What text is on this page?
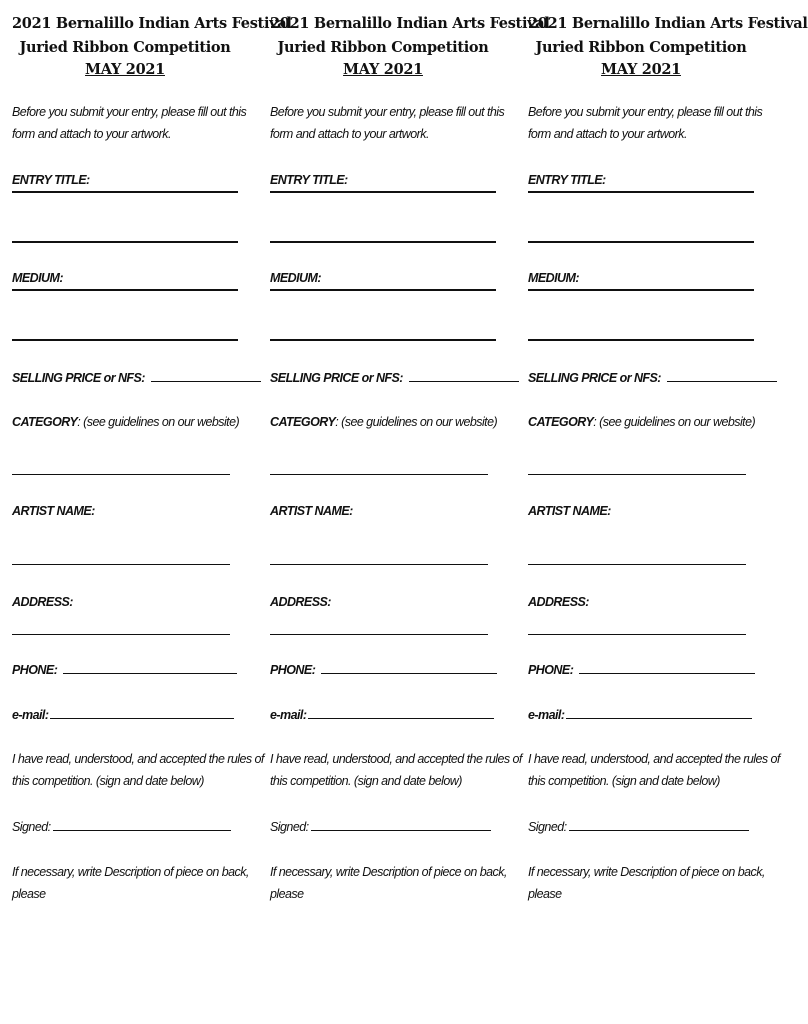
2021 Bernalillo Indian Arts Festival
Juried Ribbon Competition
MAY 2021
Before you submit your entry, please fill out this
form and attach to your artwork.
ENTRY TITLE:
MEDIUM:
SELLING PRICE or NFS:
CATEGORY: (see guidelines on our website)
ARTIST NAME:
ADDRESS:
PHONE:
e-mail:
I have read, understood, and accepted the rules of
this competition. (sign and date below)
Signed:
If necessary, write Description of piece on back,
please
2021 Bernalillo Indian Arts Festival
Juried Ribbon Competition
MAY 2021
Before you submit your entry, please fill out this
form and attach to your artwork.
ENTRY TITLE:
MEDIUM:
SELLING PRICE or NFS:
CATEGORY: (see guidelines on our website)
ARTIST NAME:
ADDRESS:
PHONE:
e-mail:
I have read, understood, and accepted the rules of
this competition. (sign and date below)
Signed:
If necessary, write Description of piece on back,
please
2021 Bernalillo Indian Arts Festival
Juried Ribbon Competition
MAY 2021
Before you submit your entry, please fill out this
form and attach to your artwork.
ENTRY TITLE:
MEDIUM:
SELLING PRICE or NFS:
CATEGORY: (see guidelines on our website)
ARTIST NAME:
ADDRESS:
PHONE:
e-mail:
I have read, understood, and accepted the rules of
this competition. (sign and date below)
Signed:
If necessary, write Description of piece on back,
please
